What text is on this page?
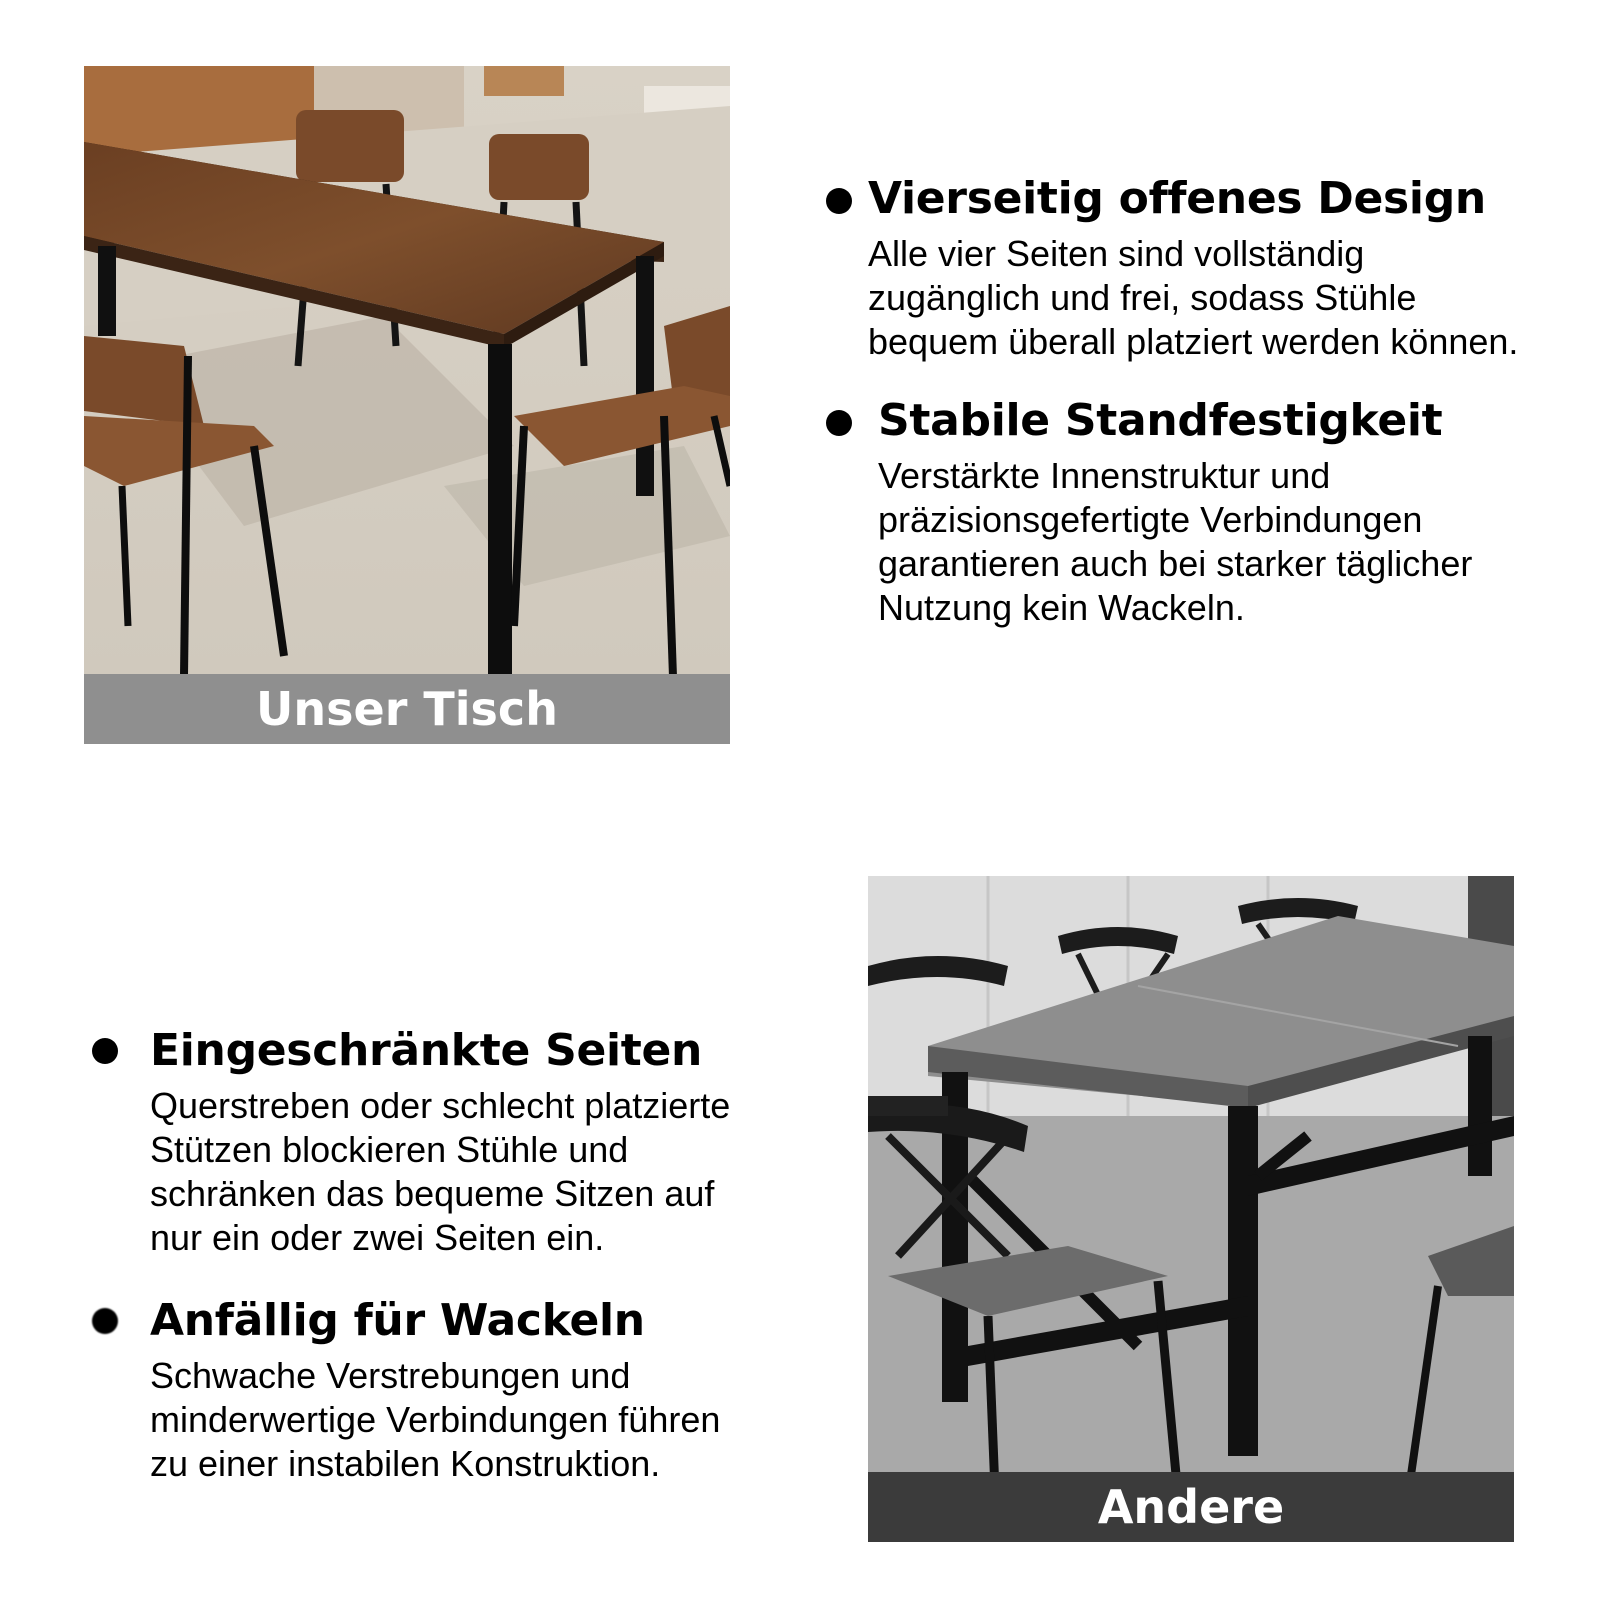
Unser Tisch
Vierseitig offenes Design

Alle vier Seiten sind vollständig
zugänglich und frei, sodass Stühle
bequem überall platziert werden können.

Stabile Standfestigkeit

Verstärkte Innenstruktur und
präzisionsgefertigte Verbindungen
garantieren auch bei starker täglicher
Nutzung kein Wackeln.

Eingeschränkte Seiten

Querstreben oder schlecht platzierte
Stützen blockieren Stühle und
schränken das bequeme Sitzen auf
nur ein oder zwei Seiten ein.

Anfällig für Wackeln

Schwache Verstrebungen und
minderwertige Verbindungen führen
zu einer instabilen Konstruktion.

Andere
